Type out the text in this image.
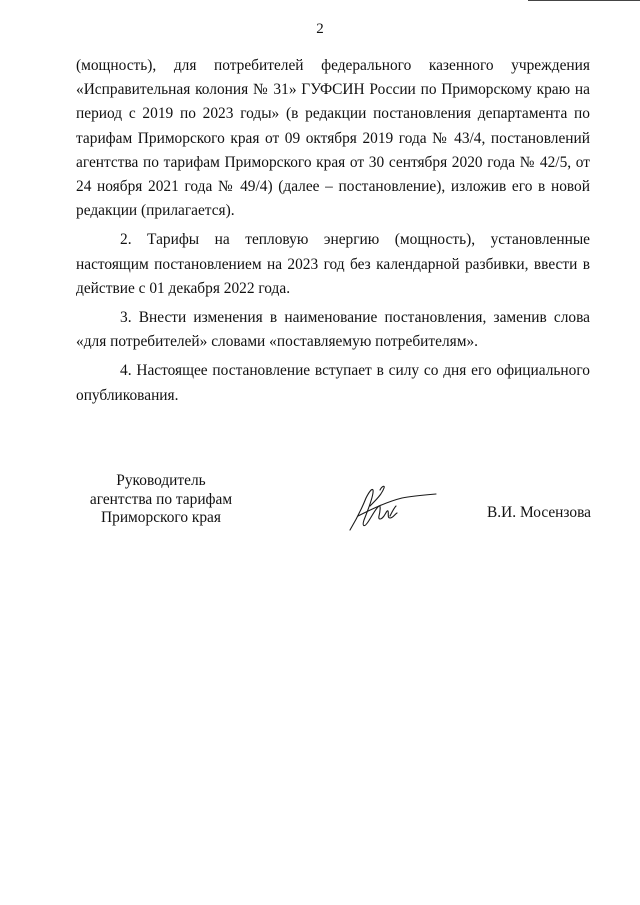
2

(мощность), для потребителей федерального казенного учреждения «Исправительная колония № 31» ГУФСИН России по Приморскому краю на период с 2019 по 2023 годы» (в редакции постановления департамента по тарифам Приморского края от 09 октября 2019 года № 43/4, постановлений агентства по тарифам Приморского края от 30 сентября 2020 года № 42/5, от 24 ноября 2021 года № 49/4) (далее – постановление), изложив его в новой редакции (прилагается).

2. Тарифы на тепловую энергию (мощность), установленные настоящим постановлением на 2023 год без календарной разбивки, ввести в действие с 01 декабря 2022 года.

3. Внести изменения в наименование постановления, заменив слова «для потребителей» словами «поставляемую потребителям».

4. Настоящее постановление вступает в силу со дня его официального опубликования.

Руководитель
агентства по тарифам
Приморского края	В.И. Мосензова
